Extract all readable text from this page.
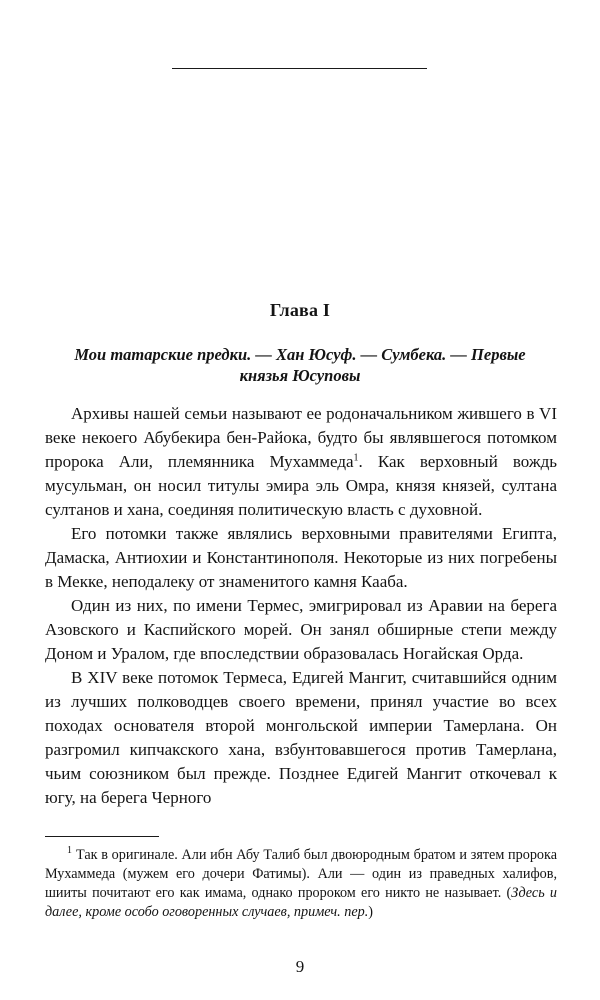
Глава I
Мои татарские предки. — Хан Юсуф. — Сумбека. — Первые князья Юсуповы

Архивы нашей семьи называют ее родоначальником жившего в VI веке некоего Абубекира бен-Райока, будто бы являвшегося потомком пророка Али, племянника Мухаммеда$^1$. Как верховный вождь мусульман, он носил титулы эмира эль Омра, князя князей, султана султанов и хана, соединяя политическую власть с духовной.

Его потомки также являлись верховными правителями Египта, Дамаска, Антиохии и Константинополя. Некоторые из них погребены в Мекке, неподалеку от знаменитого камня Кааба.

Один из них, по имени Термес, эмигрировал из Аравии на берега Азовского и Каспийского морей. Он занял обширные степи между Доном и Уралом, где впоследствии образовалась Ногайская Орда.

В XIV веке потомок Термеса, Едигей Мангит, считавшийся одним из лучших полководцев своего времени, принял участие во всех походах основателя второй монгольской империи Тамерлана. Он разгромил кипчакского хана, взбунтовавшегося против Тамерлана, чьим союзником был прежде. Позднее Едигей Мангит откочевал к югу, на берега Черного

$^1$ Так в оригинале. Али ибн Абу Талиб был двоюродным братом и зятем пророка Мухаммеда (мужем его дочери Фатимы). Али — один из праведных халифов, шииты почитают его как имама, однако пророком его никто не называет. (Здесь и далее, кроме особо оговоренных случаев, примеч. пер.)

9
